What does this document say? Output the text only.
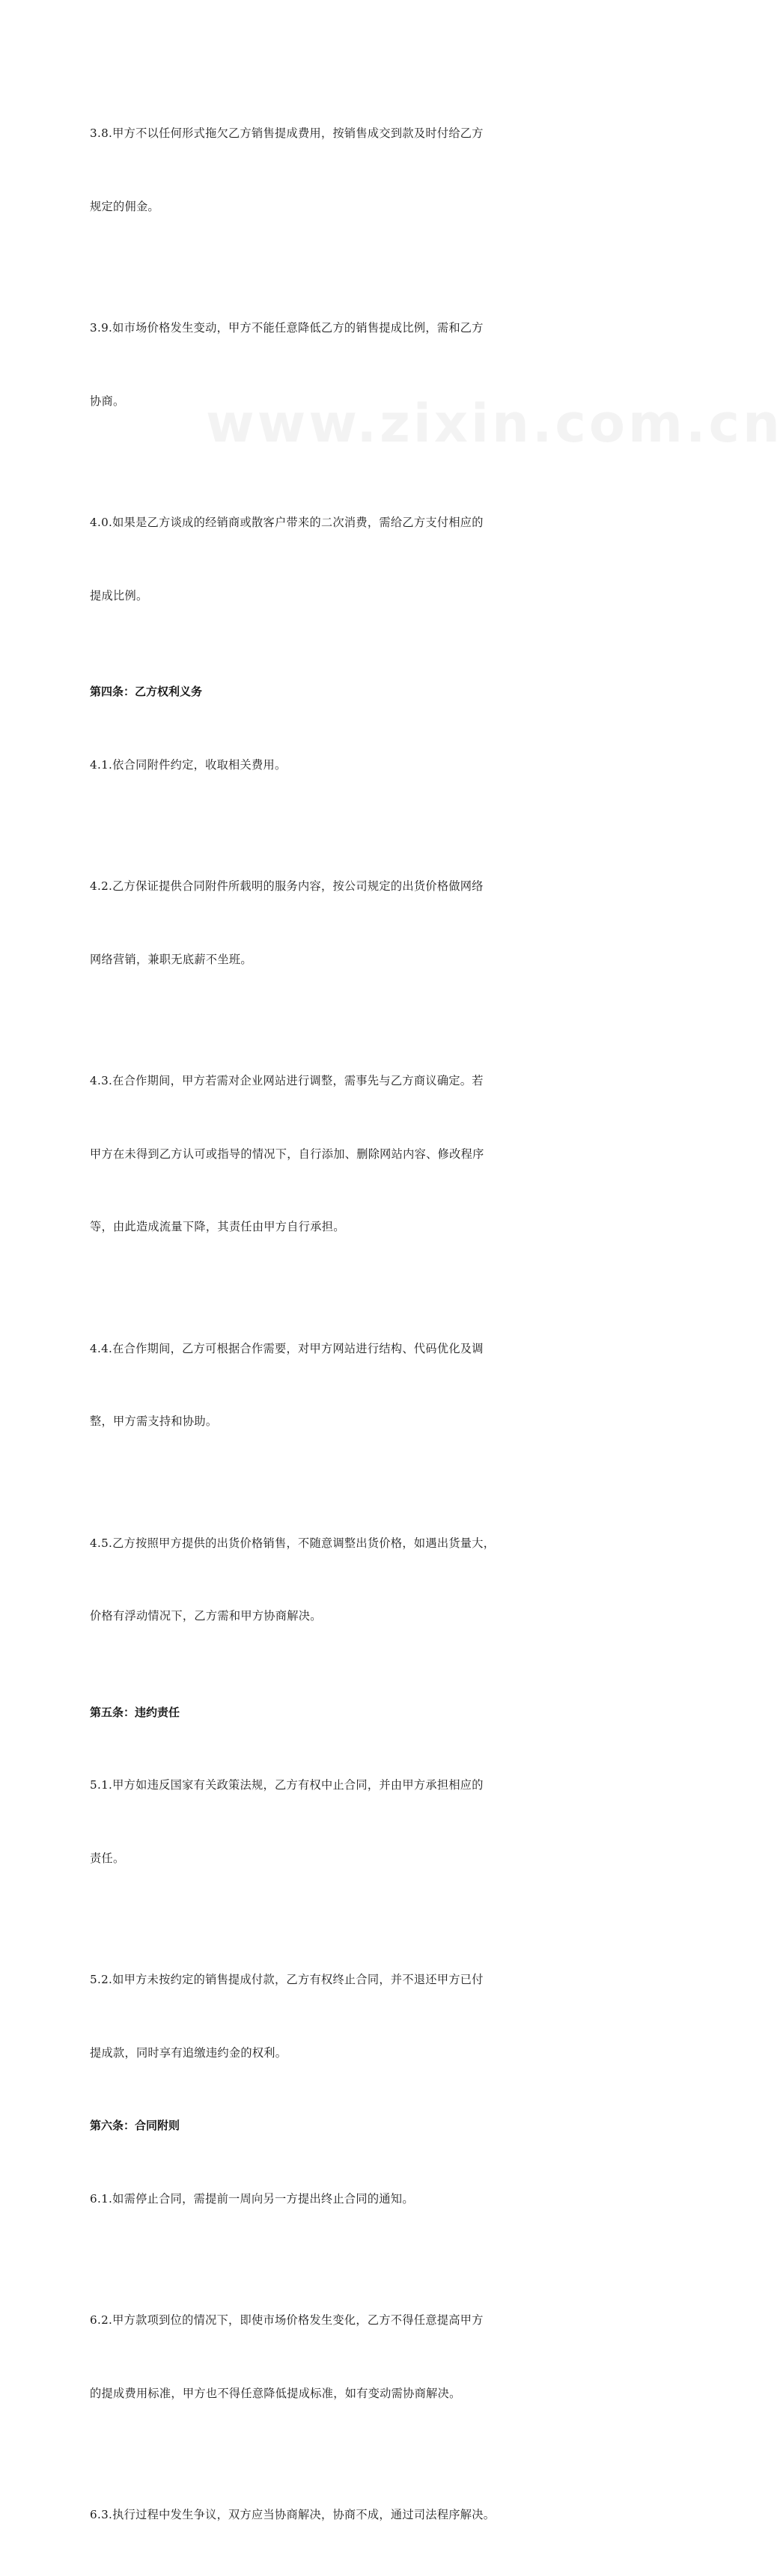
www.zixin.com.cn

3.8.甲方不以任何形式拖欠乙方销售提成费用，按销售成交到款及时付给乙方

规定的佣金。

3.9.如市场价格发生变动，甲方不能任意降低乙方的销售提成比例，需和乙方

协商。

4.0.如果是乙方谈成的经销商或散客户带来的二次消费，需给乙方支付相应的

提成比例。

第四条：乙方权利义务

4.1.依合同附件约定，收取相关费用。

4.2.乙方保证提供合同附件所载明的服务内容，按公司规定的出货价格做网络

网络营销，兼职无底薪不坐班。

4.3.在合作期间，甲方若需对企业网站进行调整，需事先与乙方商议确定。若

甲方在未得到乙方认可或指导的情况下，自行添加、删除网站内容、修改程序

等，由此造成流量下降，其责任由甲方自行承担。

4.4.在合作期间，乙方可根据合作需要，对甲方网站进行结构、代码优化及调

整，甲方需支持和协助。

4.5.乙方按照甲方提供的出货价格销售，不随意调整出货价格，如遇出货量大，

价格有浮动情况下，乙方需和甲方协商解决。

第五条：违约责任

5.1.甲方如违反国家有关政策法规，乙方有权中止合同，并由甲方承担相应的

责任。

5.2.如甲方未按约定的销售提成付款，乙方有权终止合同，并不退还甲方已付

提成款，同时享有追缴违约金的权利。

第六条：合同附则

6.1.如需停止合同，需提前一周向另一方提出终止合同的通知。

6.2.甲方款项到位的情况下，即使市场价格发生变化，乙方不得任意提高甲方

的提成费用标准，甲方也不得任意降低提成标准，如有变动需协商解决。

6.3.执行过程中发生争议，双方应当协商解决，协商不成，通过司法程序解决。
